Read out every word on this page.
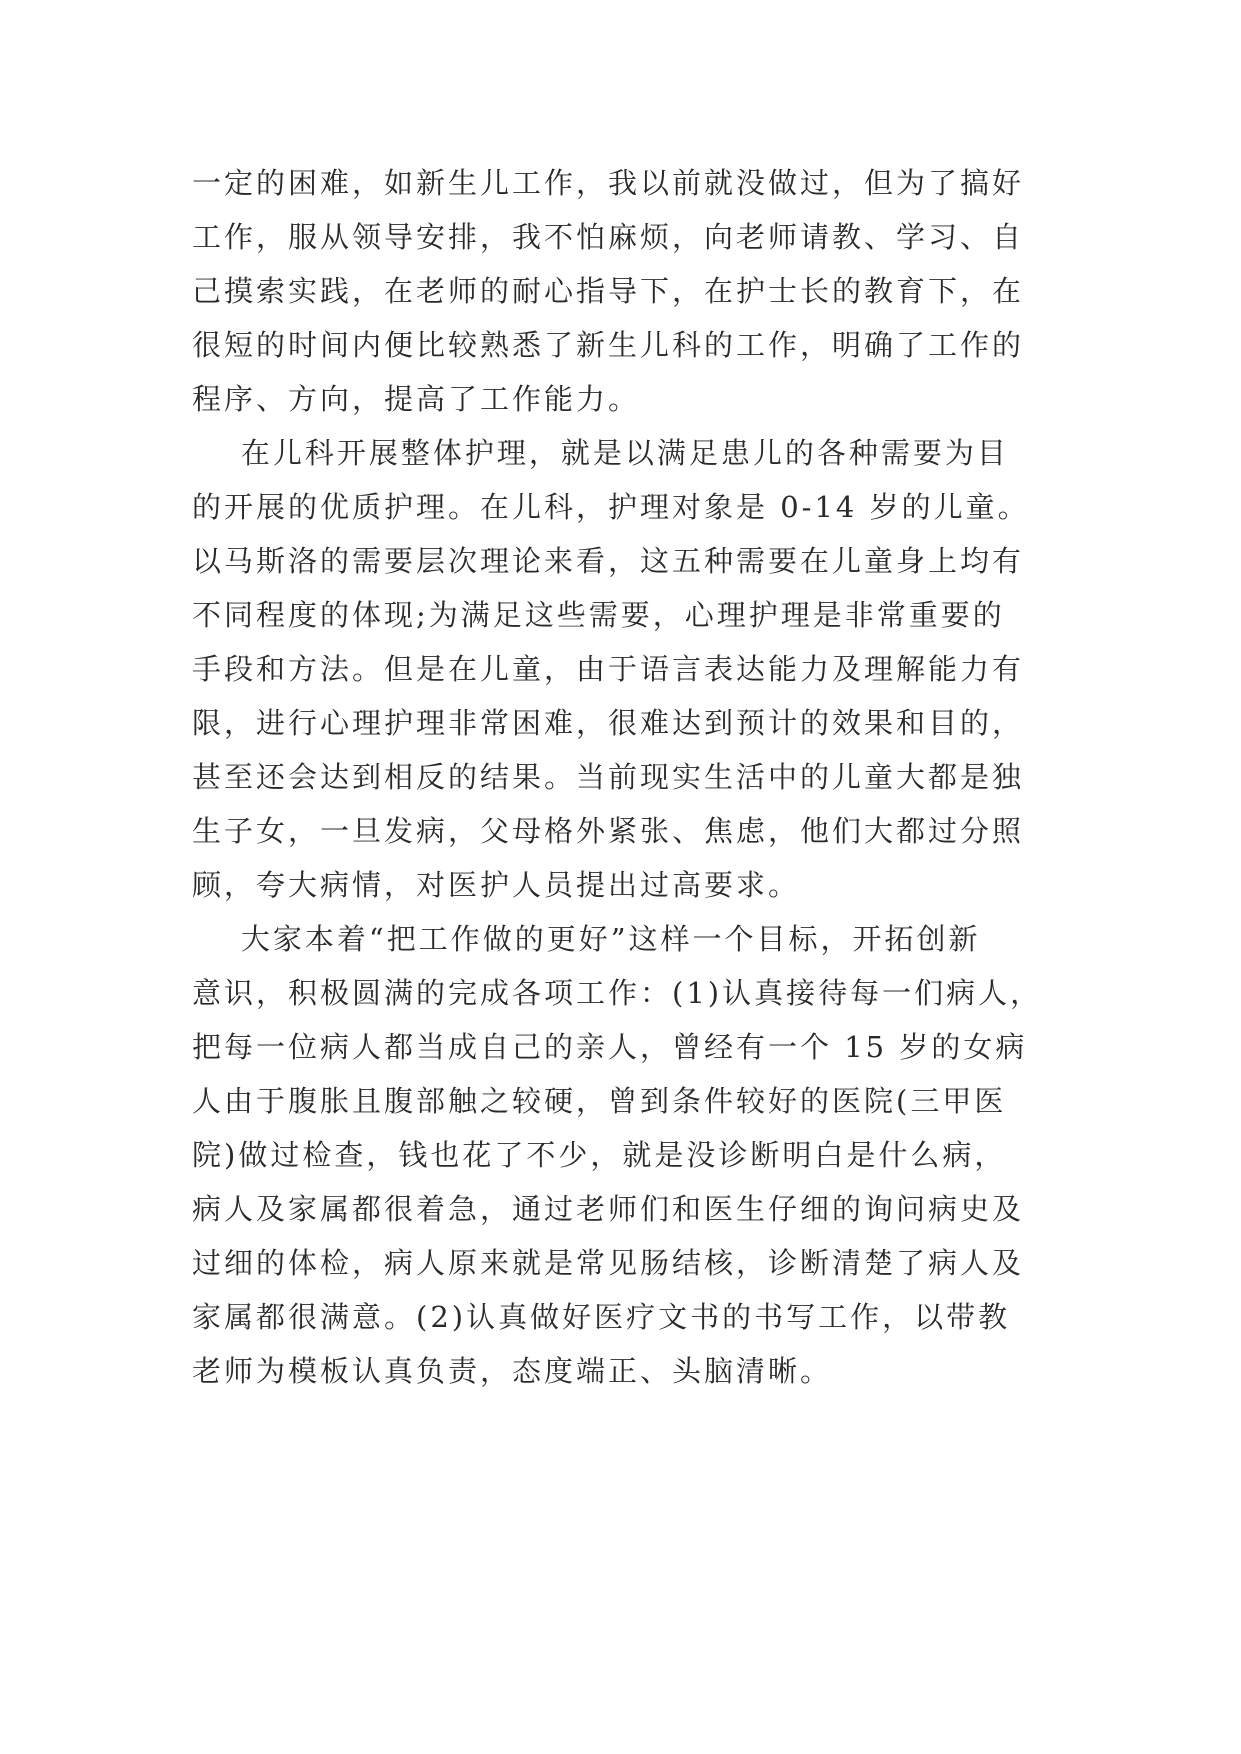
一定的困难，如新生儿工作，我以前就没做过，但为了搞好
工作，服从领导安排，我不怕麻烦，向老师请教、学习、自
己摸索实践，在老师的耐心指导下，在护士长的教育下，在
很短的时间内便比较熟悉了新生儿科的工作，明确了工作的
程序、方向，提高了工作能力。
在儿科开展整体护理，就是以满足患儿的各种需要为目
的开展的优质护理。在儿科，护理对象是 0-14 岁的儿童。
以马斯洛的需要层次理论来看，这五种需要在儿童身上均有
不同程度的体现;为满足这些需要，心理护理是非常重要的
手段和方法。但是在儿童，由于语言表达能力及理解能力有
限，进行心理护理非常困难，很难达到预计的效果和目的，
甚至还会达到相反的结果。当前现实生活中的儿童大都是独
生子女，一旦发病，父母格外紧张、焦虑，他们大都过分照
顾，夸大病情，对医护人员提出过高要求。
大家本着“把工作做的更好”这样一个目标，开拓创新
意识，积极圆满的完成各项工作：(1)认真接待每一们病人，
把每一位病人都当成自己的亲人，曾经有一个 15 岁的女病
人由于腹胀且腹部触之较硬，曾到条件较好的医院(三甲医
院)做过检查，钱也花了不少，就是没诊断明白是什么病，
病人及家属都很着急，通过老师们和医生仔细的询问病史及
过细的体检，病人原来就是常见肠结核，诊断清楚了病人及
家属都很满意。(2)认真做好医疗文书的书写工作，以带教
老师为模板认真负责，态度端正、头脑清晰。
